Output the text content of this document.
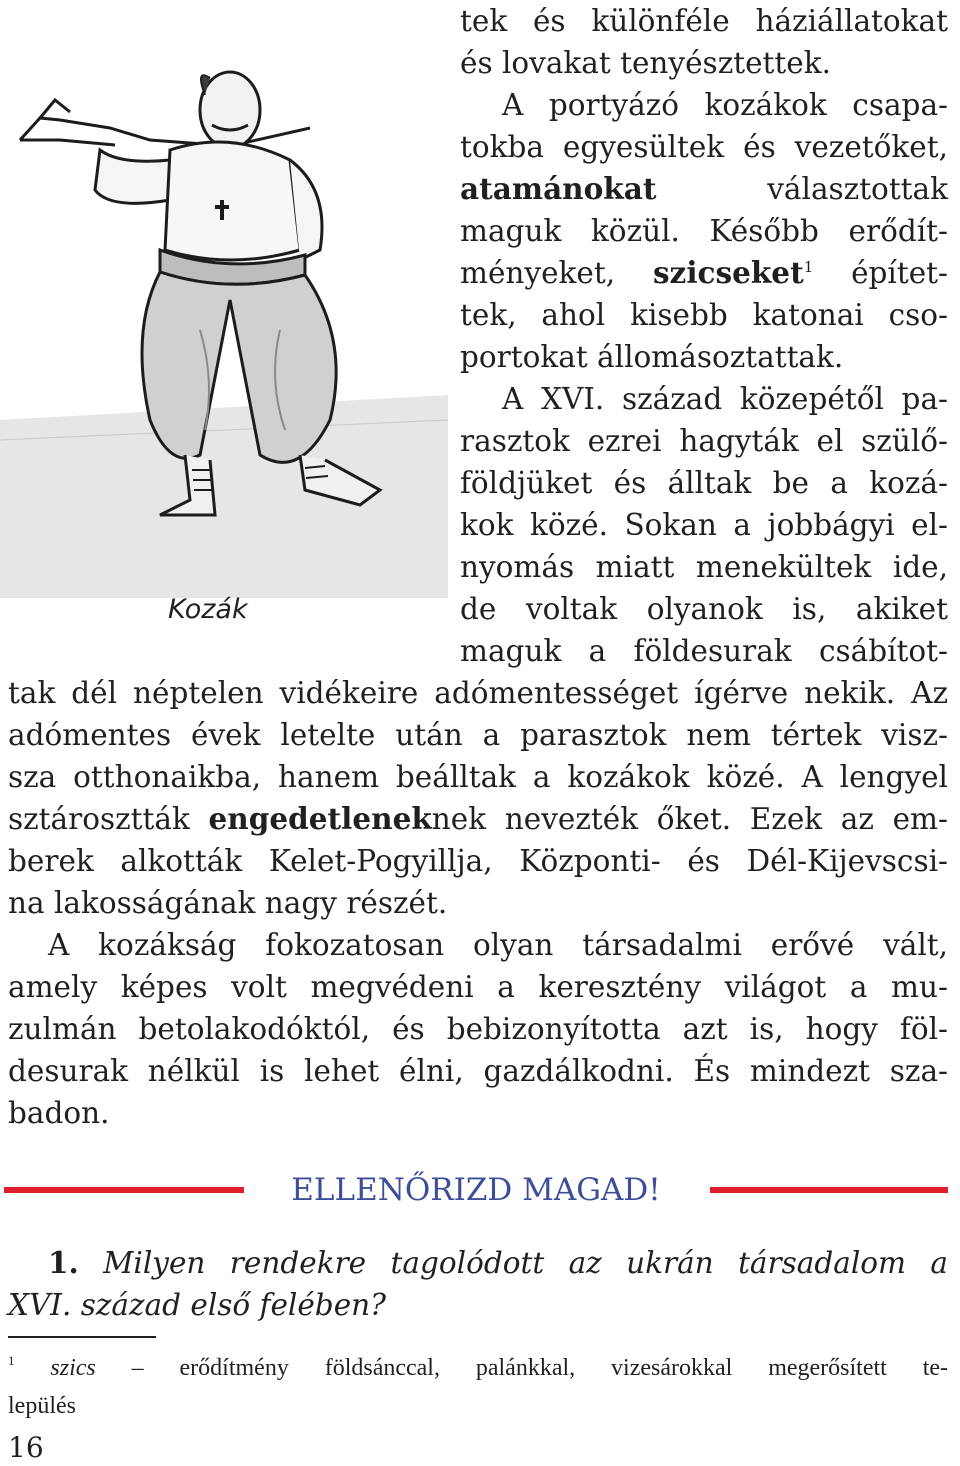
Kozák
tek és különféle háziállatokat
és lovakat tenyésztettek.
A portyázó kozákok csapa-
tokba egyesültek és vezetőket,
atamánokat	választottak
maguk közül. Később erődít-
ményeket, szicseket$^1$ építet-
tek, ahol kisebb katonai cso-
portokat állomásoztattak.
A XVI. század közepétől pa-
rasztok ezrei hagyták el szülő-
földjüket és álltak be a kozá-
kok közé. Sokan a jobbágyi el-
nyomás miatt menekültek ide,
de voltak olyanok is, akiket
maguk a földesurak csábítot-
tak dél néptelen vidékeire adómentességet ígérve nekik. Az
adómentes évek letelte után a parasztok nem tértek visz-
sza otthonaikba, hanem beálltak a kozákok közé. A lengyel
sztárosztták engedetleneknek nevezték őket. Ezek az em-
berek alkották Kelet-Pogyillja, Központi- és Dél-Kijevscsi-
na lakosságának nagy részét.
A kozákság fokozatosan olyan társadalmi erővé vált,
amely képes volt megvédeni a keresztény világot a mu-
zulmán betolakodóktól, és bebizonyította azt is, hogy föl-
desurak nélkül is lehet élni, gazdálkodni. És mindezt sza-
badon.
ELLENŐRIZD MAGAD!
1. Milyen rendekre tagolódott az ukrán társadalom a
XVI. század első felében?
$^1$ szics – erődítmény földsánccal, palánkkal, vizesárokkal megerősített te-
lepülés
16
